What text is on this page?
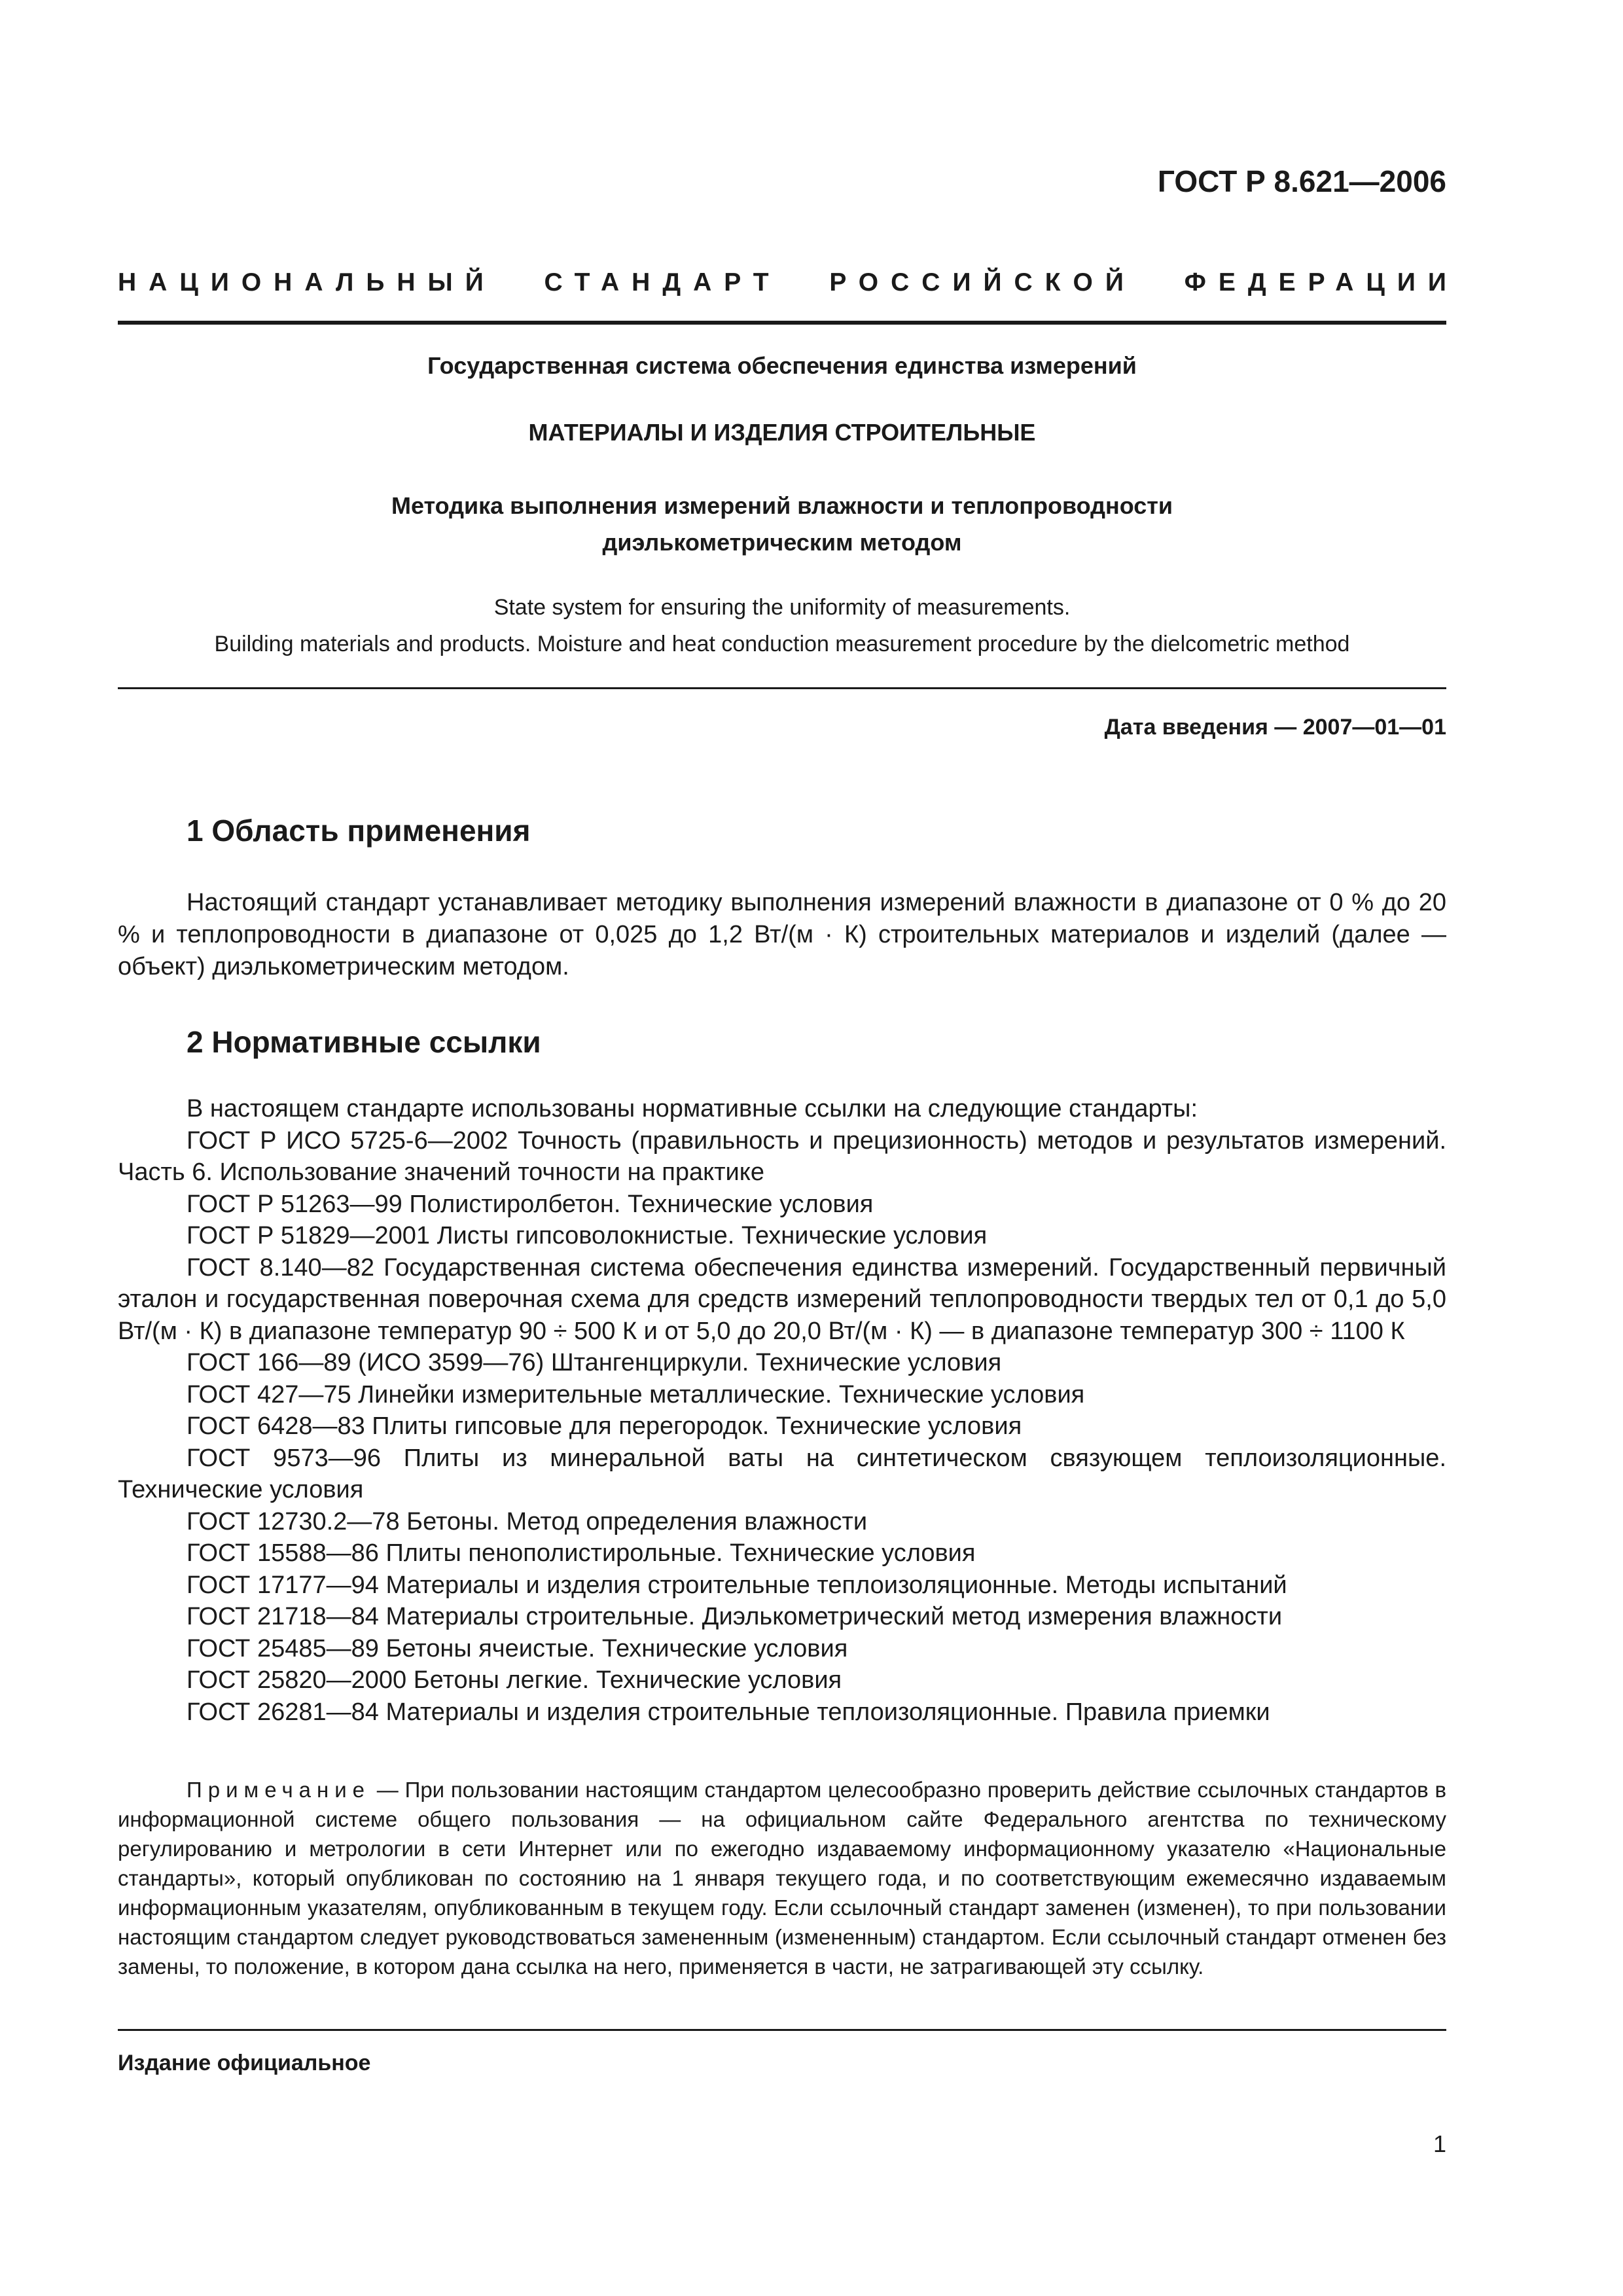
ГОСТ Р 8.621—2006
НАЦИОНАЛЬНЫЙ СТАНДАРТ РОССИЙСКОЙ ФЕДЕРАЦИИ
Государственная система обеспечения единства измерений
МАТЕРИАЛЫ И ИЗДЕЛИЯ СТРОИТЕЛЬНЫЕ
Методика выполнения измерений влажности и теплопроводности
диэлькометрическим методом
State system for ensuring the uniformity of measurements.
Building materials and products. Moisture and heat conduction measurement procedure by the dielcometric method
Дата введения — 2007—01—01
1 Область применения
Настоящий стандарт устанавливает методику выполнения измерений влажности в диапазоне от 0 % до 20 % и теплопроводности в диапазоне от 0,025 до 1,2 Вт/(м · К) строительных материалов и изделий (далее — объект) диэлькометрическим методом.
2 Нормативные ссылки
В настоящем стандарте использованы нормативные ссылки на следующие стандарты:
ГОСТ Р ИСО 5725-6—2002 Точность (правильность и прецизионность) методов и результатов измерений. Часть 6. Использование значений точности на практике
ГОСТ Р 51263—99 Полистиролбетон. Технические условия
ГОСТ Р 51829—2001 Листы гипсоволокнистые. Технические условия
ГОСТ 8.140—82 Государственная система обеспечения единства измерений. Государственный первичный эталон и государственная поверочная схема для средств измерений теплопроводности твердых тел от 0,1 до 5,0 Вт/(м · К) в диапазоне температур 90 ÷ 500 К и от 5,0 до 20,0 Вт/(м · К) — в диапазоне температур 300 ÷ 1100 К
ГОСТ 166—89 (ИСО 3599—76) Штангенциркули. Технические условия
ГОСТ 427—75 Линейки измерительные металлические. Технические условия
ГОСТ 6428—83 Плиты гипсовые для перегородок. Технические условия
ГОСТ 9573—96 Плиты из минеральной ваты на синтетическом связующем теплоизоляционные. Технические условия
ГОСТ 12730.2—78 Бетоны. Метод определения влажности
ГОСТ 15588—86 Плиты пенополистирольные. Технические условия
ГОСТ 17177—94 Материалы и изделия строительные теплоизоляционные. Методы испытаний
ГОСТ 21718—84 Материалы строительные. Диэлькометрический метод измерения влажности
ГОСТ 25485—89 Бетоны ячеистые. Технические условия
ГОСТ 25820—2000 Бетоны легкие. Технические условия
ГОСТ 26281—84 Материалы и изделия строительные теплоизоляционные. Правила приемки
Примечание — При пользовании настоящим стандартом целесообразно проверить действие ссылочных стандартов в информационной системе общего пользования — на официальном сайте Федерального агентства по техническому регулированию и метрологии в сети Интернет или по ежегодно издаваемому информационному указателю «Национальные стандарты», который опубликован по состоянию на 1 января текущего года, и по соответствующим ежемесячно издаваемым информационным указателям, опубликованным в текущем году. Если ссылочный стандарт заменен (изменен), то при пользовании настоящим стандартом следует руководствоваться замененным (измененным) стандартом. Если ссылочный стандарт отменен без замены, то положение, в котором дана ссылка на него, применяется в части, не затрагивающей эту ссылку.
Издание официальное
1
